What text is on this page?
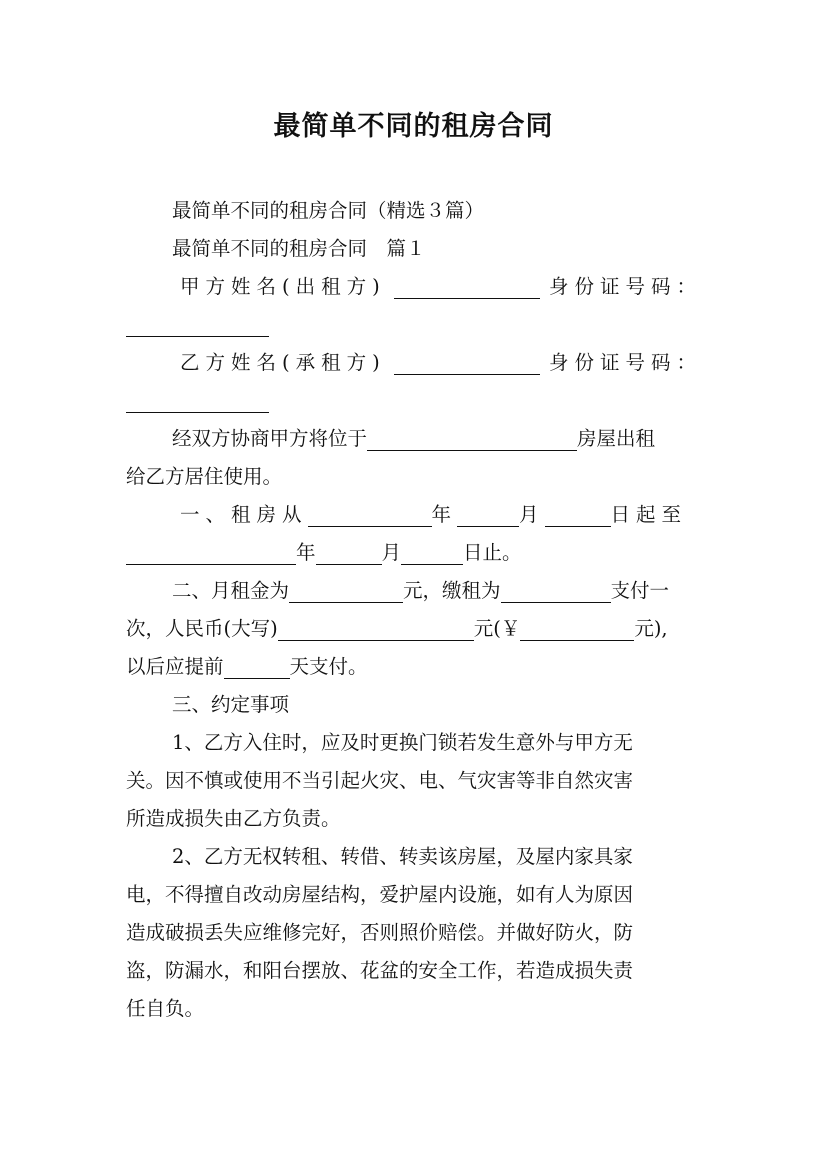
最简单不同的租房合同
最简单不同的租房合同（精选３篇）
最简单不同的租房合同　篇１
甲方姓名(出租方)	身份证号码：
乙方姓名(承租方)	身份证号码：
经双方协商甲方将位于	房屋出租
给乙方居住使用。
一、租房从	年	月	日起至
年	月	日止。
二、月租金为	元，缴租为	支付一
次，人民币(大写)	元(￥	元),
以后应提前	天支付。
三、约定事项
1、乙方入住时，应及时更换门锁若发生意外与甲方无
关。因不慎或使用不当引起火灾、电、气灾害等非自然灾害
所造成损失由乙方负责。
2、乙方无权转租、转借、转卖该房屋，及屋内家具家
电，不得擅自改动房屋结构，爱护屋内设施，如有人为原因
造成破损丢失应维修完好，否则照价赔偿。并做好防火，防
盗，防漏水，和阳台摆放、花盆的安全工作，若造成损失责
任自负。
